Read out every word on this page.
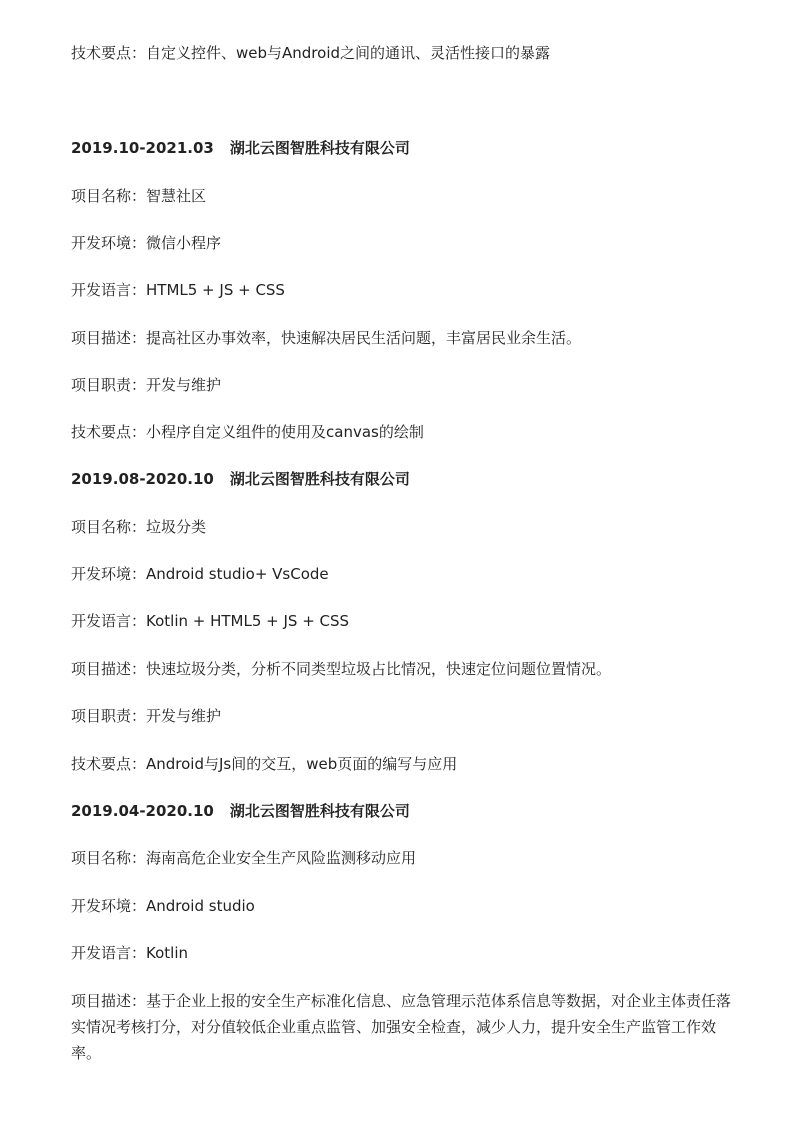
技术要点：自定义控件、web与Android之间的通讯、灵活性接口的暴露
2019.10-2021.03 湖北云图智胜科技有限公司
项目名称：智慧社区
开发环境：微信小程序
开发语言：HTML5 + JS + CSS
项目描述：提高社区办事效率，快速解决居民生活问题，丰富居民业余生活。
项目职责：开发与维护
技术要点：小程序自定义组件的使用及canvas的绘制
2019.08-2020.10 湖北云图智胜科技有限公司
项目名称：垃圾分类
开发环境：Android studio+ VsCode
开发语言：Kotlin + HTML5 + JS + CSS
项目描述：快速垃圾分类，分析不同类型垃圾占比情况，快速定位问题位置情况。
项目职责：开发与维护
技术要点：Android与Js间的交互，web页面的编写与应用
2019.04-2020.10 湖北云图智胜科技有限公司
项目名称：海南高危企业安全生产风险监测移动应用
开发环境：Android studio
开发语言：Kotlin
项目描述：基于企业上报的安全生产标准化信息、应急管理示范体系信息等数据，对企业主体责任落实情况考核打分，对分值较低企业重点监管、加强安全检查，减少人力，提升安全生产监管工作效率。
